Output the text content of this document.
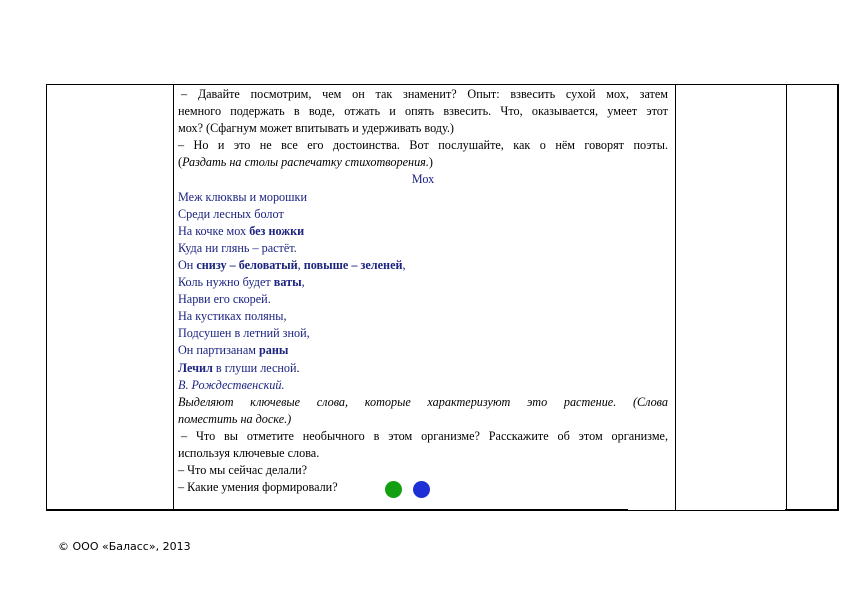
– Давайте посмотрим, чем он так знаменит? Опыт: взвесить сухой мох, затем
немного подержать в воде, отжать и опять взвесить. Что, оказывается, умеет этот
мох? (Сфагнум может впитывать и удерживать воду.)
– Но и это не все его достоинства. Вот послушайте, как о нём говорят поэты.
(Раздать на столы распечатку стихотворения.)
Мох
Меж клюквы и морошки
Среди лесных болот
На кочке мох без ножки
Куда ни глянь – растёт.
Он снизу – беловатый, повыше – зеленей,
Коль нужно будет ваты,
Нарви его скорей.
На кустиках поляны,
Подсушен в летний зной,
Он партизанам раны
Лечил в глуши лесной.
В. Рождественский.
Выделяют ключевые слова, которые характеризуют это растение. (Слова
поместить на доске.)
– Что вы отметите необычного в этом организме? Расскажите об этом организме,
используя ключевые слова.
– Что мы сейчас делали?
– Какие умения формировали?
© ООО «Баласс», 2013
